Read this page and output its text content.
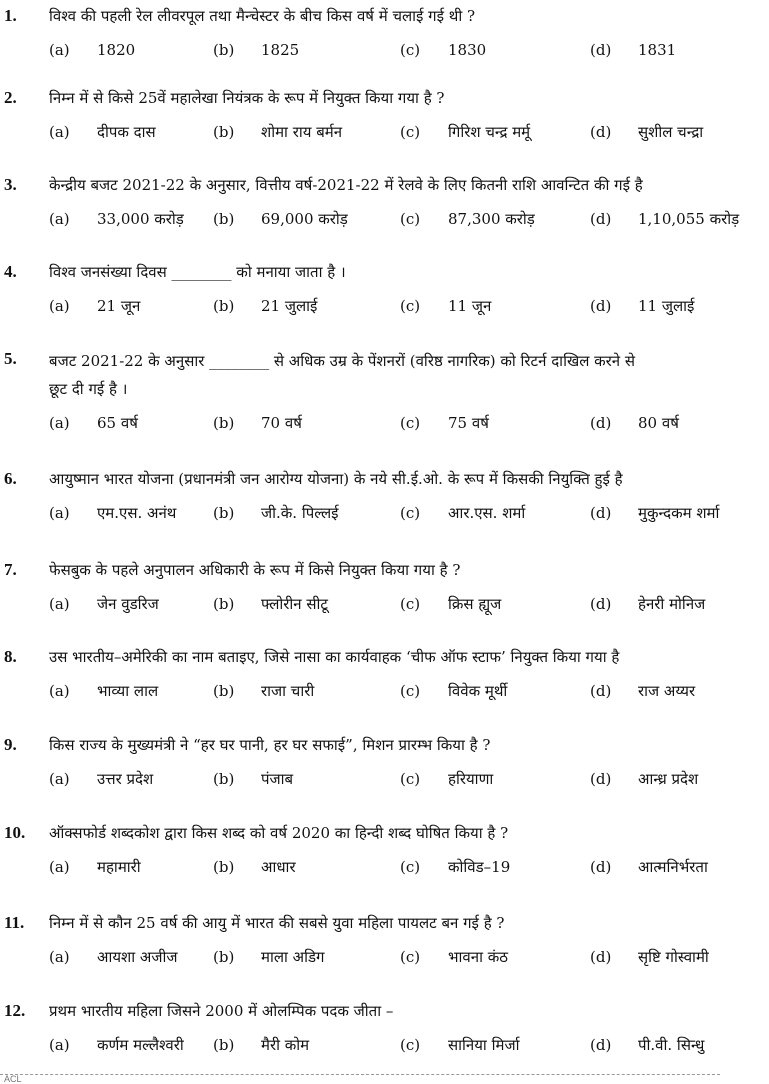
1. विश्व की पहली रेल लीवरपूल तथा मैन्चेस्टर के बीच किस वर्ष में चलाई गई थी ?
(a) 1820	(b) 1825	(c) 1830	(d) 1831
2. निम्न में से किसे 25वें महालेखा नियंत्रक के रूप में नियुक्त किया गया है ?
(a) दीपक दास	(b) शोमा राय बर्मन	(c) गिरिश चन्द्र मर्मू	(d) सुशील चन्द्रा
3. केन्द्रीय बजट 2021-22 के अनुसार, वित्तीय वर्ष-2021-22 में रेलवे के लिए कितनी राशि आवन्टित की गई है
(a) 33,000 करोड़ (b) 69,000 करोड़	(c) 87,300 करोड़	(d) 1,10,055 करोड़
4. विश्व जनसंख्या दिवस ________ को मनाया जाता है ।
(a) 21 जून	(b) 21 जुलाई	(c) 11 जून	(d) 11 जुलाई
5. बजट 2021-22 के अनुसार ________ से अधिक उम्र के पेंशनरों (वरिष्ठ नागरिक) को रिटर्न दाखिल करने से
छूट दी गई है ।
(a) 65 वर्ष	(b) 70 वर्ष	(c) 75 वर्ष	(d) 80 वर्ष
6. आयुष्मान भारत योजना (प्रधानमंत्री जन आरोग्य योजना) के नये सी.ई.ओ. के रूप में किसकी नियुक्ति हुई है
(a) एम.एस. अनंथ (b) जी.के. पिल्लई	(c) आर.एस. शर्मा	(d) मुकुन्दकम शर्मा
7. फेसबुक के पहले अनुपालन अधिकारी के रूप में किसे नियुक्त किया गया है ?
(a) जेन वुडरिज	(b) फ्लोरीन सीटू	(c) क्रिस ह्यूज	(d) हेनरी मोनिज
8. उस भारतीय–अमेरिकी का नाम बताइए, जिसे नासा का कार्यवाहक ‘चीफ ऑफ स्टाफ’ नियुक्त किया गया है
(a) भाव्या लाल	(b) राजा चारी	(c) विवेक मूर्थी	(d) राज अय्यर
9. किस राज्य के मुख्यमंत्री ने “हर घर पानी, हर घर सफाई”, मिशन प्रारम्भ किया है ?
(a) उत्तर प्रदेश	(b) पंजाब	(c) हरियाणा	(d) आन्ध्र प्रदेश
10. ऑक्सफोर्ड शब्दकोश द्वारा किस शब्द को वर्ष 2020 का हिन्दी शब्द घोषित किया है ?
(a) महामारी	(b) आधार	(c) कोविड–19	(d) आत्मनिर्भरता
11. निम्न में से कौन 25 वर्ष की आयु में भारत की सबसे युवा महिला पायलट बन गई है ?
(a) आयशा अजीज (b) माला अडिग	(c) भावना कंठ	(d) सृष्टि गोस्वामी
12. प्रथम भारतीय महिला जिसने 2000 में ओलम्पिक पदक जीता –
(a) कर्णम मल्लैश्वरी (b) मैरी कोम	(c) सानिया मिर्जा	(d) पी.वी. सिन्धु
ACL
